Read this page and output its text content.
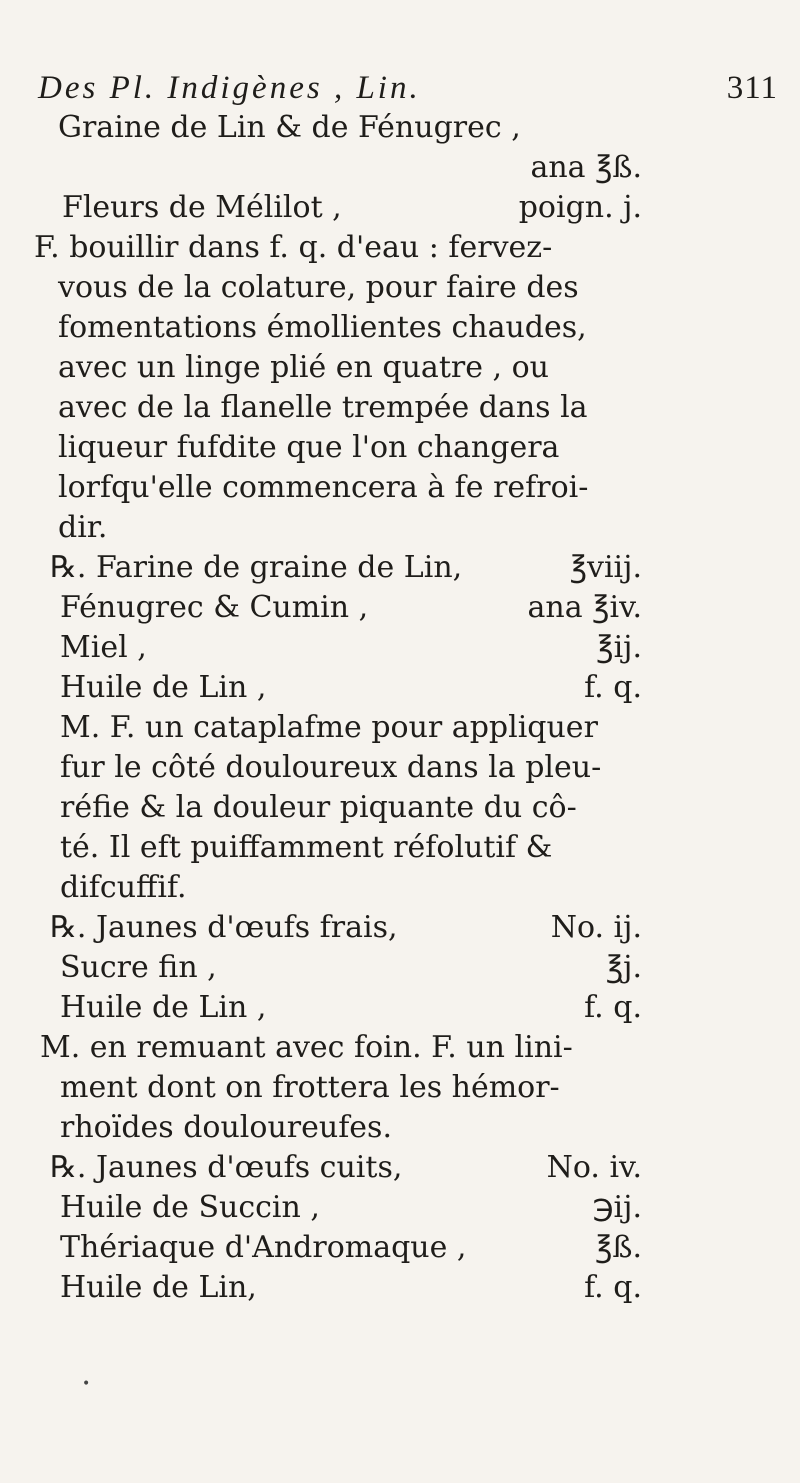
Des Pl. Indigènes , Lin.	311
Graine de Lin & de Fénugrec ,
ana ℥ß.
Fleurs de Mélilot ,	poign. j.
F. bouillir dans f. q. d'eau : fervez-
vous de la colature, pour faire des
fomentations émollientes chaudes,
avec un linge plié en quatre , ou
avec de la flanelle trempée dans la
liqueur fufdite que l'on changera
lorfqu'elle commencera à fe refroi-
dir.
℞. Farine de graine de Lin,	℥viij.
Fénugrec & Cumin ,	ana ℥iv.
Miel ,	℥ij.
Huile de Lin ,	f. q.
M. F. un cataplafme pour appliquer
fur le côté douloureux dans la pleu-
réfie & la douleur piquante du cô-
té. Il eft puiffamment réfolutif &
difcuffif.
℞. Jaunes d'œufs frais,	No. ij.
Sucre fin ,	℥j.
Huile de Lin ,	f. q.
M. en remuant avec foin. F. un lini-
ment dont on frottera les hémor-
rhoïdes douloureufes.
℞. Jaunes d'œufs cuits,	No. iv.
Huile de Succin ,	℈ij.
Thériaque d'Andromaque ,	℥ß.
Huile de Lin,	f. q.
•
